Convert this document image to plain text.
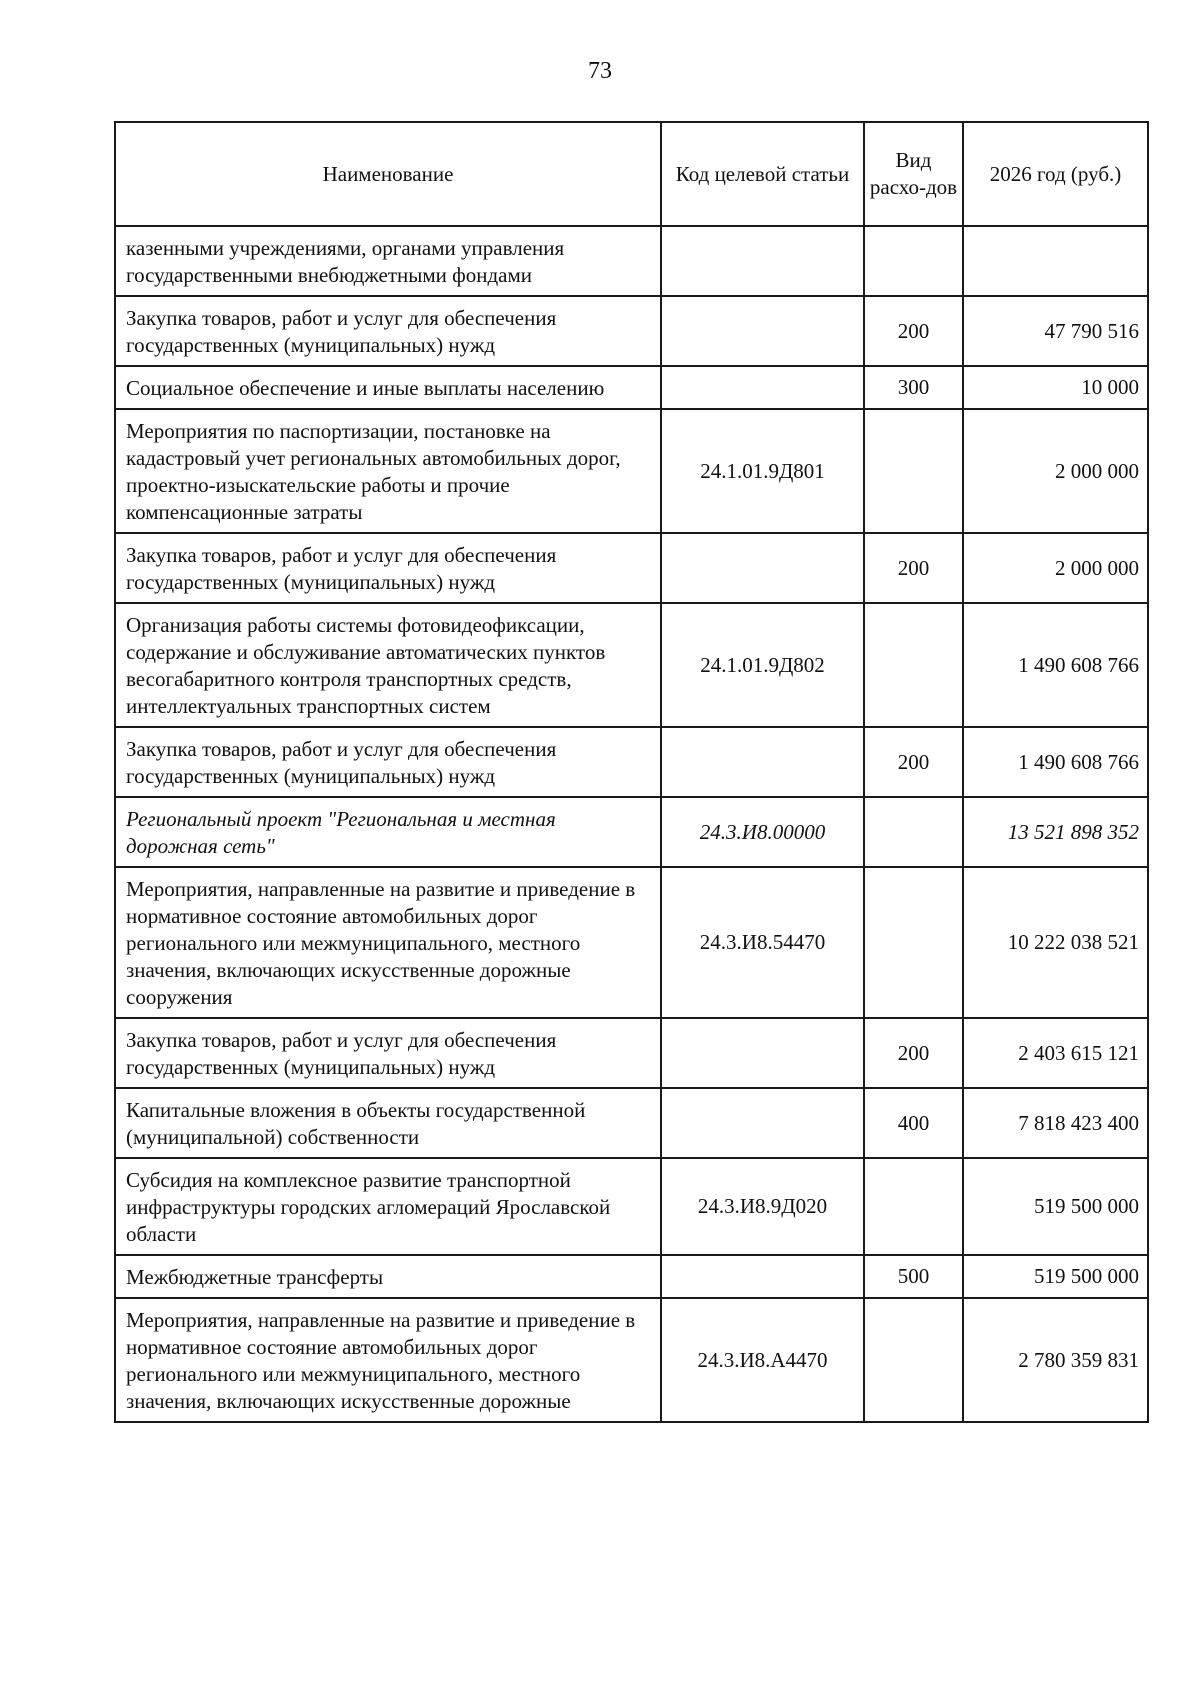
73
Наименование	Код целевой статьи	Вид расхо-дов	2026 год (руб.)
казенными учреждениями, органами управления государственными внебюджетными фондами			
Закупка товаров, работ и услуг для обеспечения государственных (муниципальных) нужд		200	47 790 516
Социальное обеспечение и иные выплаты населению		300	10 000
Мероприятия по паспортизации, постановке на кадастровый учет региональных автомобильных дорог, проектно-изыскательские работы и прочие компенсационные затраты	24.1.01.9Д801		2 000 000
Закупка товаров, работ и услуг для обеспечения государственных (муниципальных) нужд		200	2 000 000
Организация работы системы фотовидеофиксации, содержание и обслуживание автоматических пунктов весогабаритного контроля транспортных средств, интеллектуальных транспортных систем	24.1.01.9Д802		1 490 608 766
Закупка товаров, работ и услуг для обеспечения государственных (муниципальных) нужд		200	1 490 608 766
Региональный проект "Региональная и местная дорожная сеть"	24.3.И8.00000		13 521 898 352
Мероприятия, направленные на развитие и приведение в нормативное состояние автомобильных дорог регионального или межмуниципального, местного значения, включающих искусственные дорожные сооружения	24.3.И8.54470		10 222 038 521
Закупка товаров, работ и услуг для обеспечения государственных (муниципальных) нужд		200	2 403 615 121
Капитальные вложения в объекты государственной (муниципальной) собственности		400	7 818 423 400
Субсидия на комплексное развитие транспортной инфраструктуры городских агломераций Ярославской области	24.3.И8.9Д020		519 500 000
Межбюджетные трансферты		500	519 500 000
Мероприятия, направленные на развитие и приведение в нормативное состояние автомобильных дорог регионального или межмуниципального, местного значения, включающих искусственные дорожные	24.3.И8.А4470		2 780 359 831
